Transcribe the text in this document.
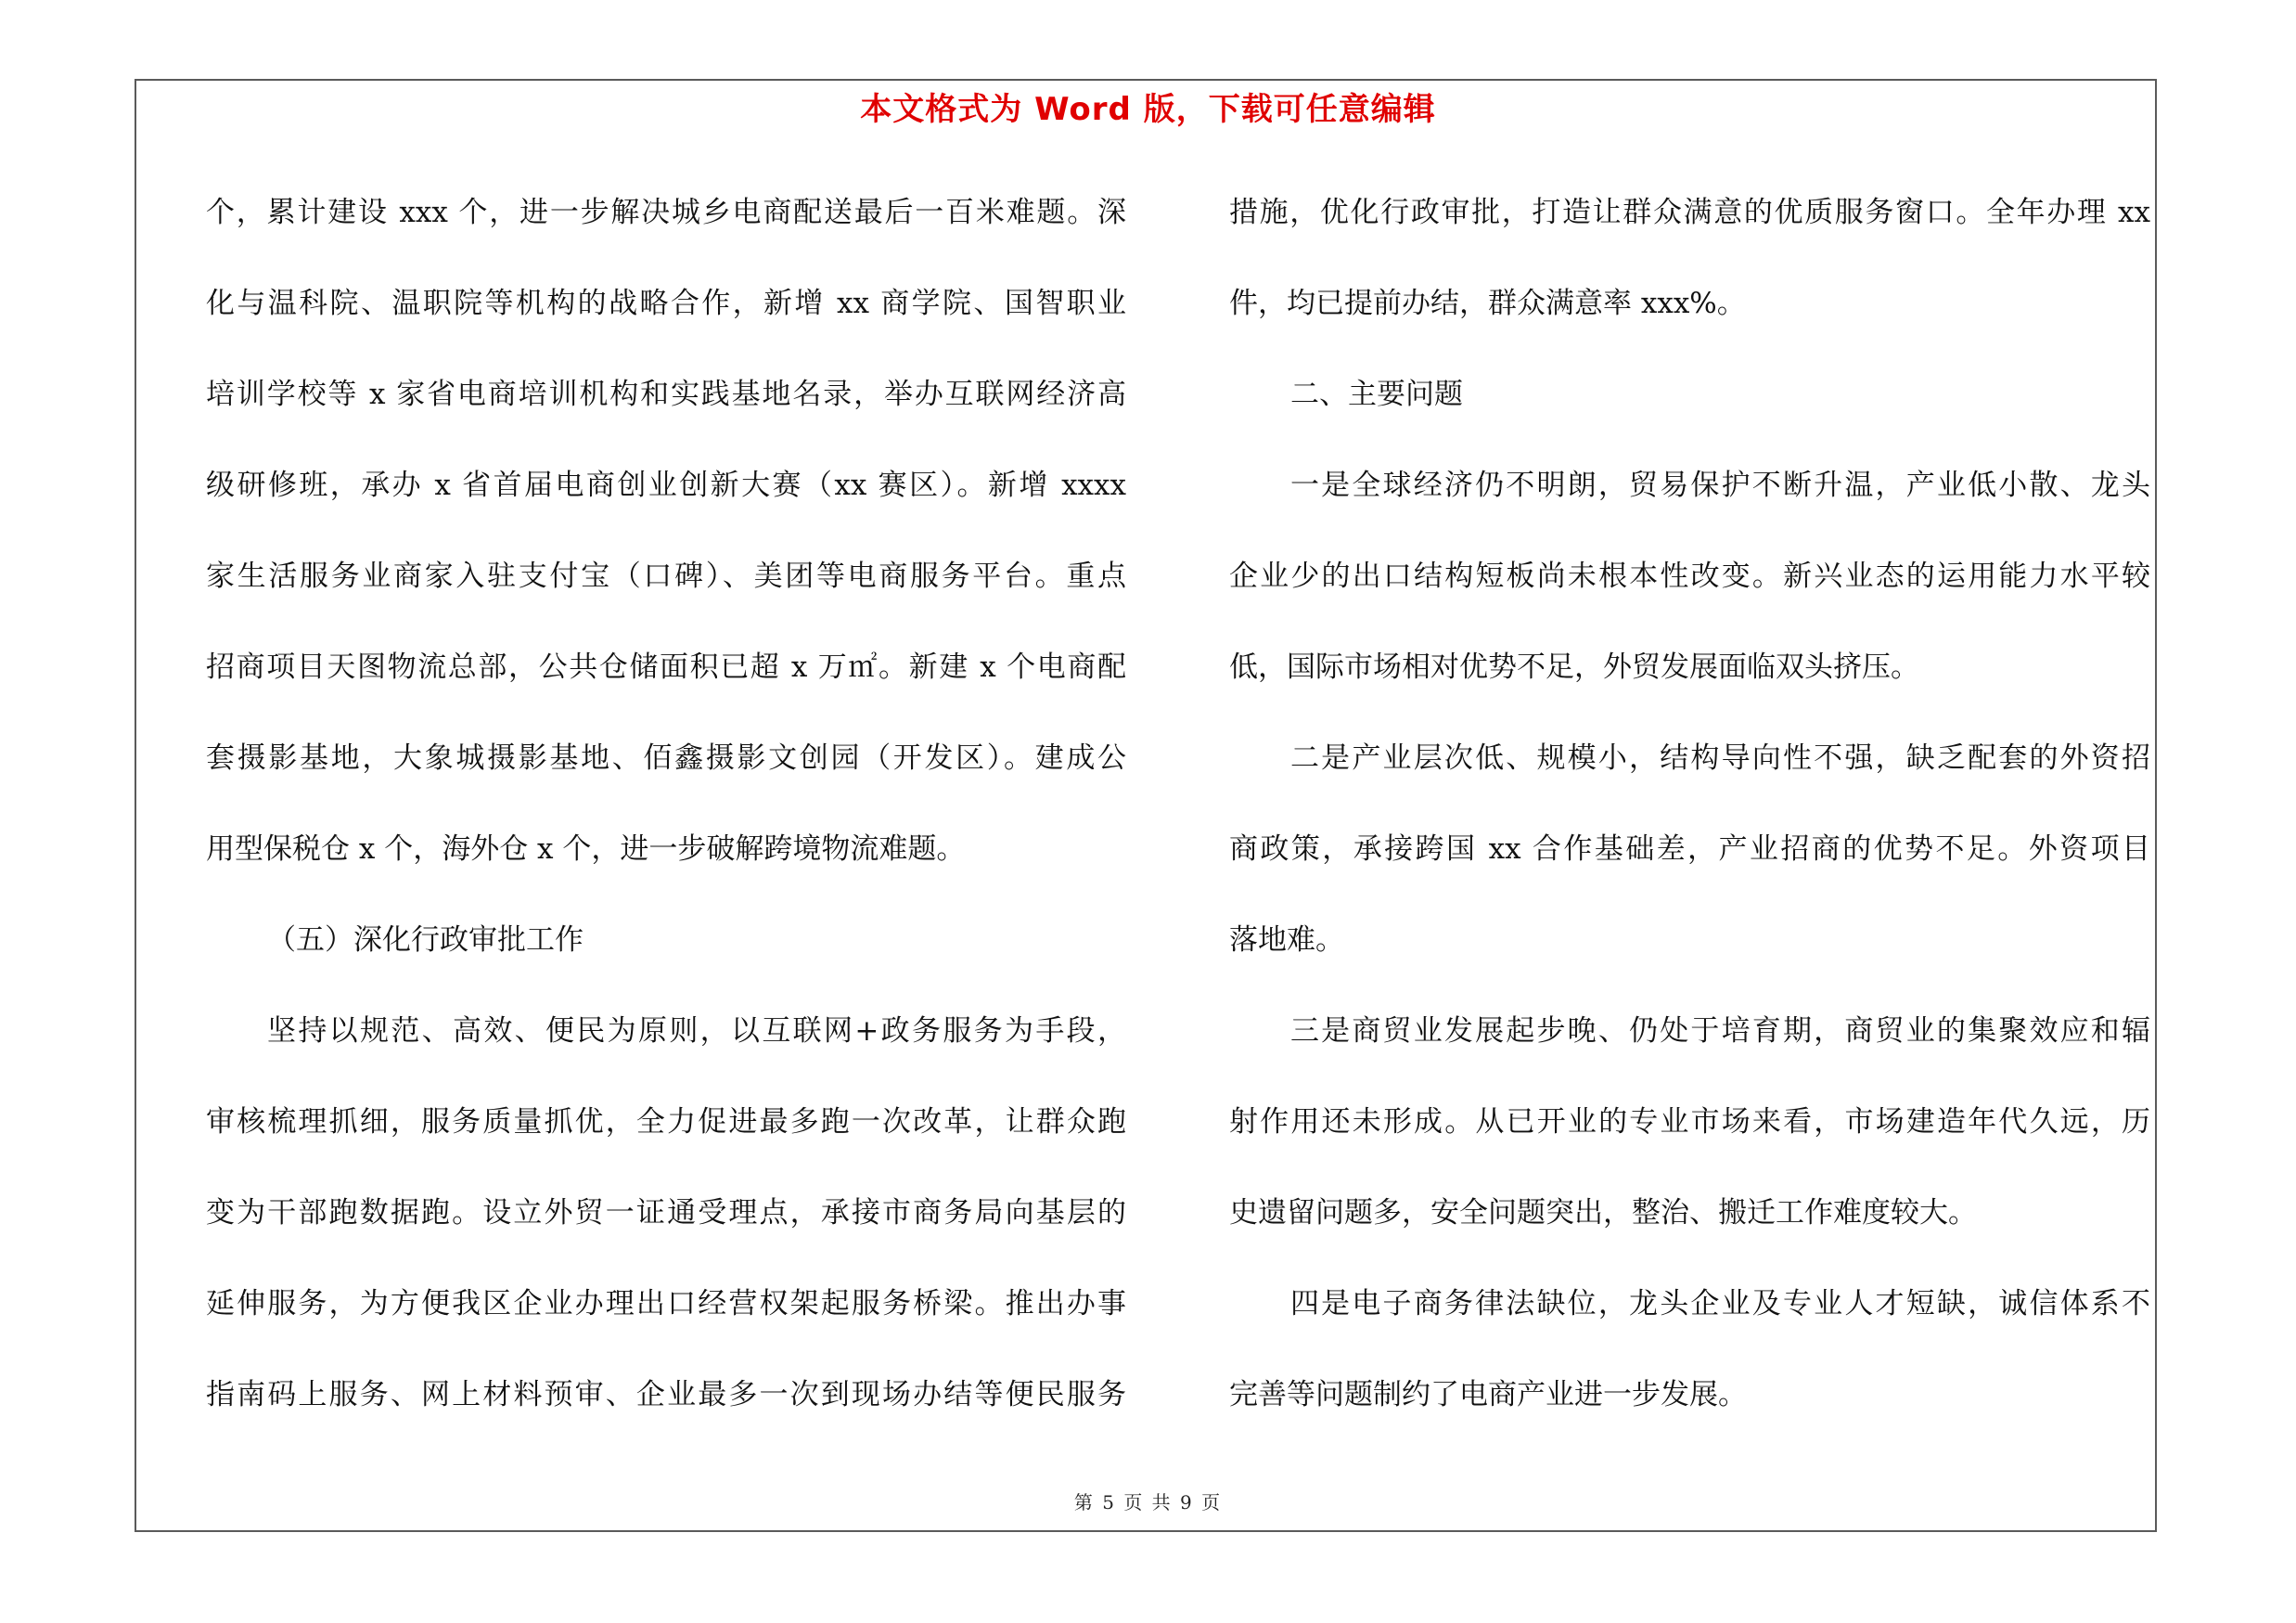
本文格式为 Word 版，下载可任意编辑
个，累计建设 xxx 个，进一步解决城乡电商配送最后一百米难题。深
化与温科院、温职院等机构的战略合作，新增 xx 商学院、国智职业
培训学校等 x 家省电商培训机构和实践基地名录，举办互联网经济高
级研修班，承办 x 省首届电商创业创新大赛（xx 赛区）。新增 xxxx
家生活服务业商家入驻支付宝（口碑）、美团等电商服务平台。重点
招商项目天图物流总部，公共仓储面积已超 x 万㎡。新建 x 个电商配
套摄影基地，大象城摄影基地、佰鑫摄影文创园（开发区）。建成公
用型保税仓 x 个，海外仓 x 个，进一步破解跨境物流难题。
（五）深化行政审批工作
坚持以规范、高效、便民为原则，以互联网+政务服务为手段，
审核梳理抓细，服务质量抓优，全力促进最多跑一次改革，让群众跑
变为干部跑数据跑。设立外贸一证通受理点，承接市商务局向基层的
延伸服务，为方便我区企业办理出口经营权架起服务桥梁。推出办事
指南码上服务、网上材料预审、企业最多一次到现场办结等便民服务
措施，优化行政审批，打造让群众满意的优质服务窗口。全年办理 xx
件，均已提前办结，群众满意率 xxx%。
二、主要问题
一是全球经济仍不明朗，贸易保护不断升温，产业低小散、龙头
企业少的出口结构短板尚未根本性改变。新兴业态的运用能力水平较
低，国际市场相对优势不足，外贸发展面临双头挤压。
二是产业层次低、规模小，结构导向性不强，缺乏配套的外资招
商政策，承接跨国 xx 合作基础差，产业招商的优势不足。外资项目
落地难。
三是商贸业发展起步晚、仍处于培育期，商贸业的集聚效应和辐
射作用还未形成。从已开业的专业市场来看，市场建造年代久远，历
史遗留问题多，安全问题突出，整治、搬迁工作难度较大。
四是电子商务律法缺位，龙头企业及专业人才短缺，诚信体系不
完善等问题制约了电商产业进一步发展。
第 5 页 共 9 页
